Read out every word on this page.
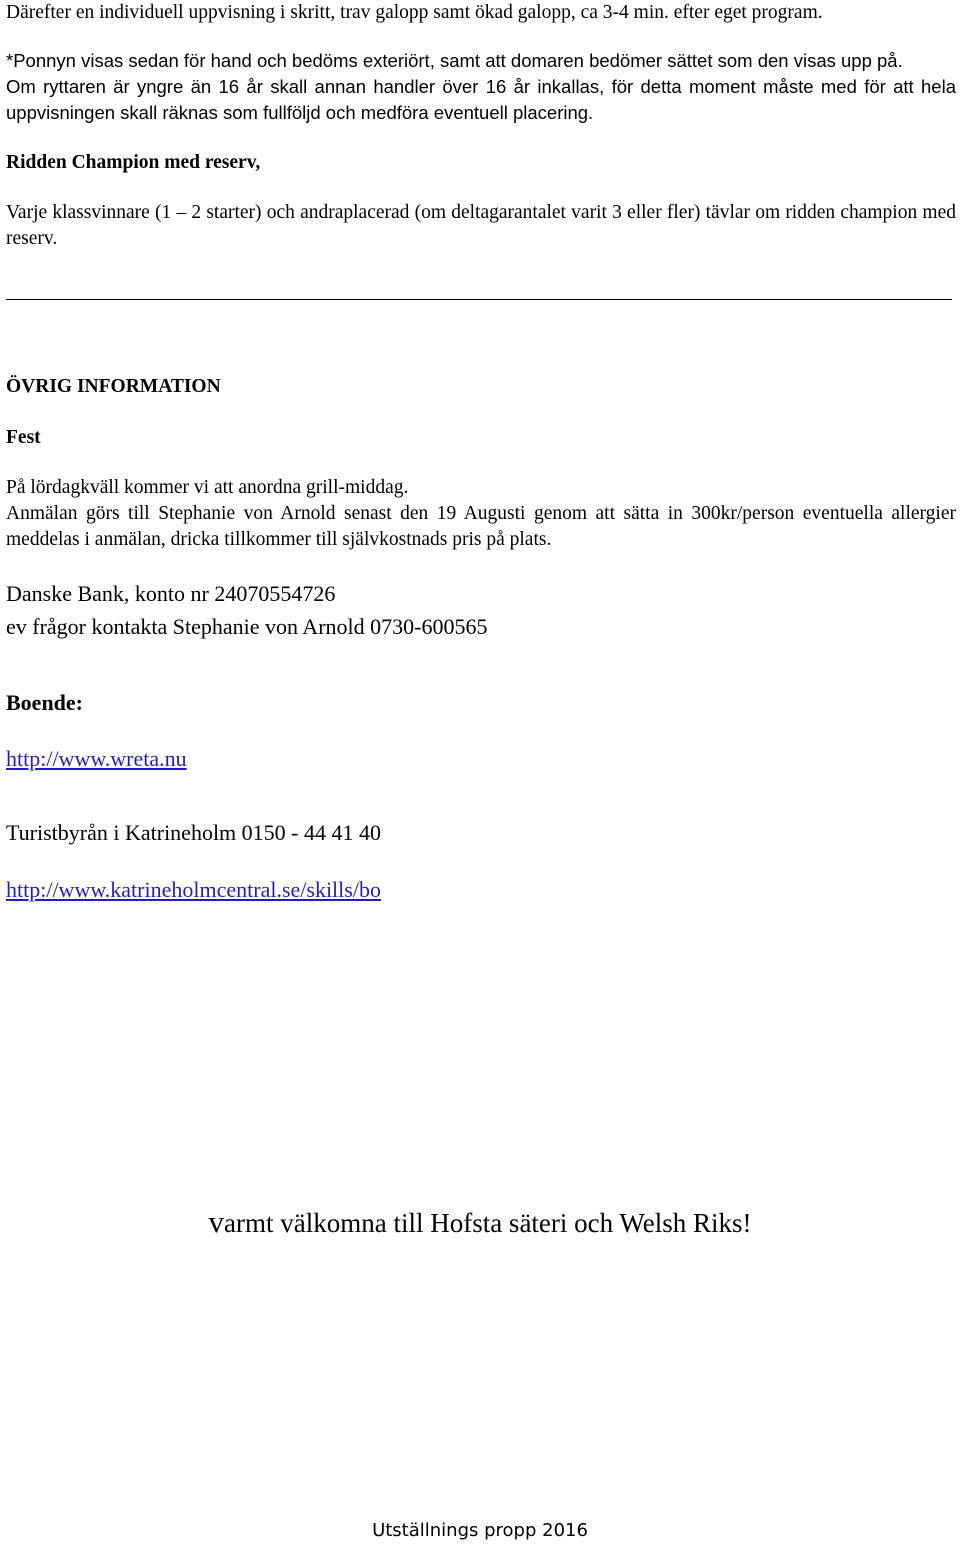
Därefter en individuell uppvisning i skritt, trav galopp samt ökad galopp, ca 3-4 min. efter eget program.

*Ponnyn visas sedan för hand och bedöms exteriört, samt att domaren bedömer sättet som den visas upp på.

Om ryttaren är yngre än 16 år skall annan handler över 16 år inkallas, för detta moment måste med för att hela uppvisningen skall räknas som fullföljd och medföra eventuell placering.

Ridden Champion med reserv,

Varje klassvinnare (1 – 2 starter) och andraplacerad (om deltagarantalet varit 3 eller fler) tävlar om ridden champion med reserv.

ÖVRIG INFORMATION

Fest

På lördagkväll kommer vi att anordna grill-middag.

Anmälan görs till Stephanie von Arnold senast den 19 Augusti genom att sätta in 300kr/person eventuella allergier meddelas i anmälan, dricka tillkommer till självkostnads pris på plats.

Danske Bank, konto nr 24070554726

ev frågor kontakta Stephanie von Arnold 0730-600565

Boende:

http://www.wreta.nu

Turistbyrån i Katrineholm 0150 - 44 41 40

http://www.katrineholmcentral.se/skills/bo

varmt välkomna till Hofsta säteri och Welsh Riks!
Utställnings propp 2016
